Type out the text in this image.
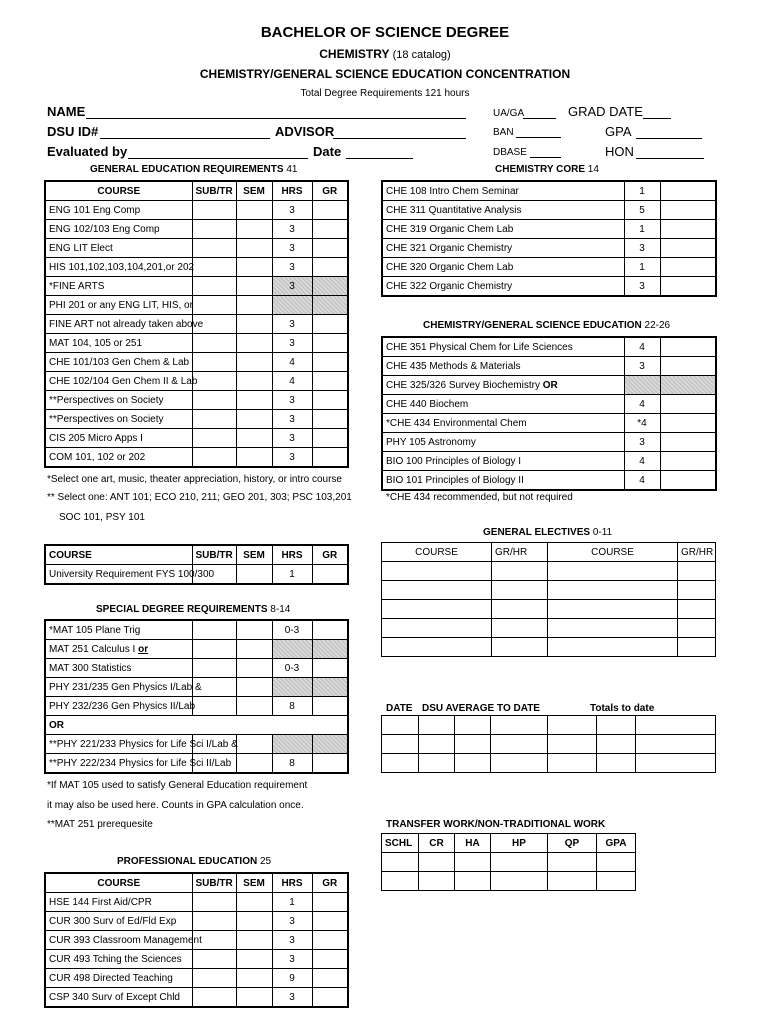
BACHELOR OF SCIENCE DEGREE
CHEMISTRY (18 catalog)
CHEMISTRY/GENERAL SCIENCE EDUCATION CONCENTRATION
Total Degree Requirements 121 hours
NAME
DSU ID#	ADVISOR
Evaluated by	Date
UA/GA
BAN
DBASE
GRAD DATE
GPA
HON
GENERAL EDUCATION REQUIREMENTS 41
COURSE	SUB/TR	SEM	HRS	GR
ENG 101 Eng Comp			3	
ENG 102/103 Eng Comp			3	
ENG LIT Elect			3	
HIS 101,102,103,104,201,or 202			3	
*FINE ARTS			3	
PHI 201 or any ENG LIT, HIS, or				
FINE ART not already taken above			3	
MAT 104, 105 or 251			3	
CHE 101/103 Gen Chem & Lab			4	
CHE 102/104 Gen Chem II & Lab			4	
**Perspectives on Society			3	
**Perspectives on Society			3	
CIS 205 Micro Apps I			3	
COM 101, 102 or 202			3	
*Select one art, music, theater appreciation, history, or intro course
** Select one: ANT 101; ECO 210, 211; GEO 201, 303; PSC 103,201
SOC 101, PSY 101
COURSE	SUB/TR	SEM	HRS	GR
University Requirement FYS 100/300			1	
SPECIAL DEGREE REQUIREMENTS 8-14
*MAT 105 Plane Trig			0-3	
MAT 251 Calculus I or				
MAT 300 Statistics			0-3	
PHY 231/235 Gen Physics I/Lab &				
PHY 232/236 Gen Physics II/Lab			8	
OR				
**PHY 221/233 Physics for Life Sci I/Lab &				
**PHY 222/234 Physics for Life Sci II/Lab			8	
*If MAT 105 used to satisfy General Education requirement
it may also be used here. Counts in GPA calculation once.
**MAT 251 prerequesite
PROFESSIONAL EDUCATION 25
COURSE	SUB/TR	SEM	HRS	GR
HSE 144 First Aid/CPR			1	
CUR 300 Surv of Ed/Fld Exp			3	
CUR 393 Classroom Management			3	
CUR 493 Tching the Sciences			3	
CUR 498 Directed Teaching			9	
CSP 340 Surv of Except Chld			3	
CHEMISTRY CORE 14
CHE 108 Intro Chem Seminar	1	
CHE 311 Quantitative Analysis	5	
CHE 319 Organic Chem Lab	1	
CHE 321 Organic Chemistry	3	
CHE 320 Organic Chem Lab	1	
CHE 322 Organic Chemistry	3	
CHEMISTRY/GENERAL SCIENCE EDUCATION 22-26
CHE 351 Physical Chem for Life Sciences	4	
CHE 435 Methods & Materials	3	
CHE 325/326 Survey Biochemistry OR		
CHE 440 Biochem	4	
*CHE 434 Environmental Chem	*4	
PHY 105 Astronomy	3	
BIO 100 Principles of Biology I	4	
BIO 101 Principles of Biology II	4	
*CHE 434 recommended, but not required
GENERAL ELECTIVES 0-11
COURSE	GR/HR	COURSE	GR/HR

DATE DSU AVERAGE TO DATE	Totals to date

TRANSFER WORK/NON-TRADITIONAL WORK
SCHL	CR	HA	HP	QP	GPA	
